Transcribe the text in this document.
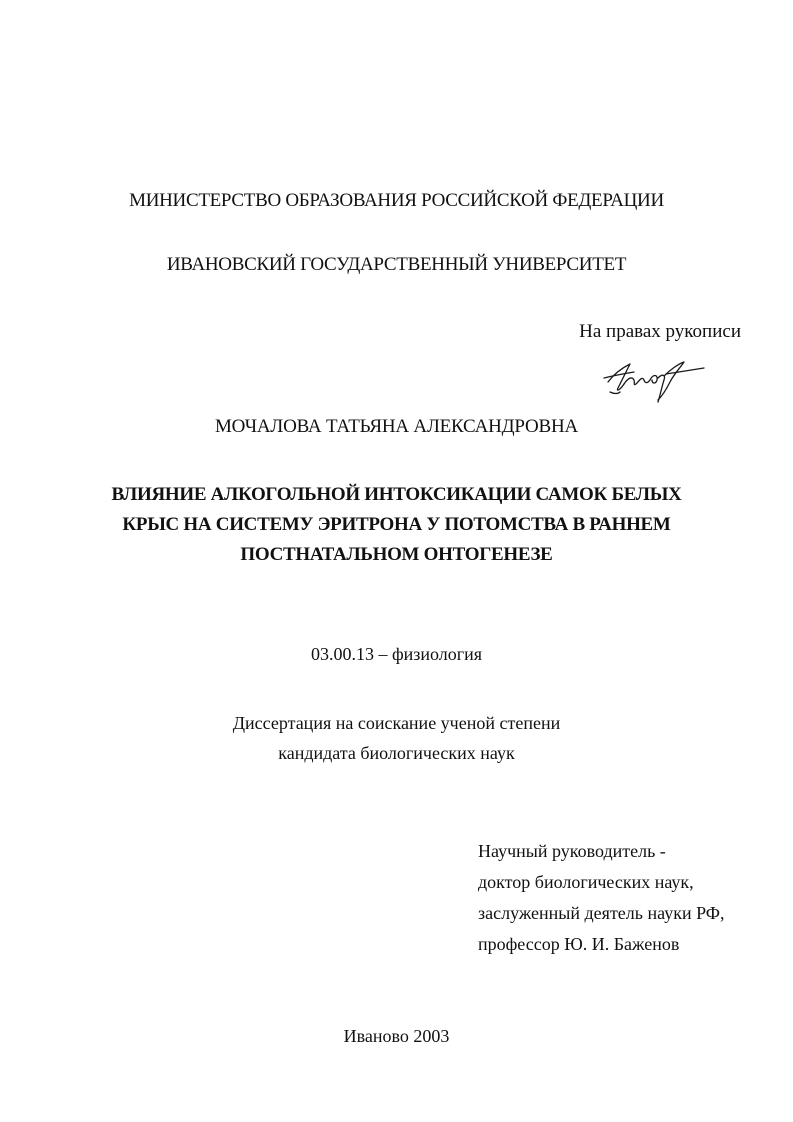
МИНИСТЕРСТВО ОБРАЗОВАНИЯ РОССИЙСКОЙ ФЕДЕРАЦИИ
ИВАНОВСКИЙ ГОСУДАРСТВЕННЫЙ УНИВЕРСИТЕТ
На правах рукописи
МОЧАЛОВА ТАТЬЯНА АЛЕКСАНДРОВНА
ВЛИЯНИЕ АЛКОГОЛЬНОЙ ИНТОКСИКАЦИИ САМОК БЕЛЫХ
КРЫС НА СИСТЕМУ ЭРИТРОНА У ПОТОМСТВА В РАННЕМ
ПОСТНАТАЛЬНОМ ОНТОГЕНЕЗЕ
03.00.13 – физиология
Диссертация на соискание ученой степени
кандидата биологических наук
Научный руководитель -
доктор биологических наук,
заслуженный деятель науки РФ,
профессор Ю. И. Баженов
Иваново 2003
